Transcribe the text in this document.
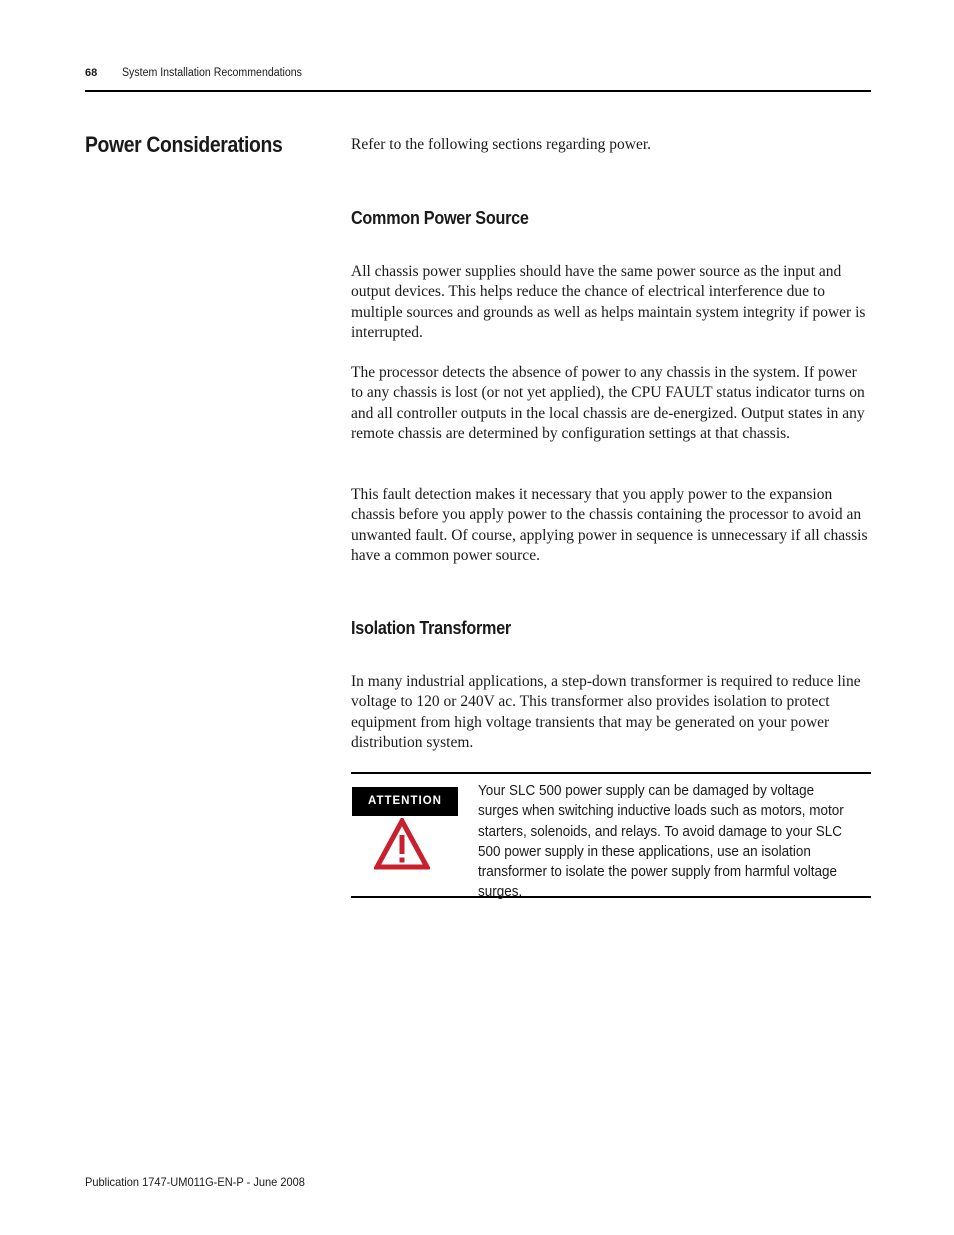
68 System Installation Recommendations
Power Considerations	Refer to the following sections regarding power.
Common Power Source

All chassis power supplies should have the same power source as the input and output devices. This helps reduce the chance of electrical interference due to multiple sources and grounds as well as helps maintain system integrity if power is interrupted.

The processor detects the absence of power to any chassis in the system. If power to any chassis is lost (or not yet applied), the CPU FAULT status indicator turns on and all controller outputs in the local chassis are de-energized. Output states in any remote chassis are determined by configuration settings at that chassis.

This fault detection makes it necessary that you apply power to the expansion chassis before you apply power to the chassis containing the processor to avoid an unwanted fault. Of course, applying power in sequence is unnecessary if all chassis have a common power source.

Isolation Transformer

In many industrial applications, a step-down transformer is required to reduce line voltage to 120 or 240V ac. This transformer also provides isolation to protect equipment from high voltage transients that may be generated on your power distribution system.

ATTENTION
Your SLC 500 power supply can be damaged by voltage surges when switching inductive loads such as motors, motor starters, solenoids, and relays. To avoid damage to your SLC 500 power supply in these applications, use an isolation transformer to isolate the power supply from harmful voltage surges.
Publication 1747-UM011G-EN-P - June 2008
